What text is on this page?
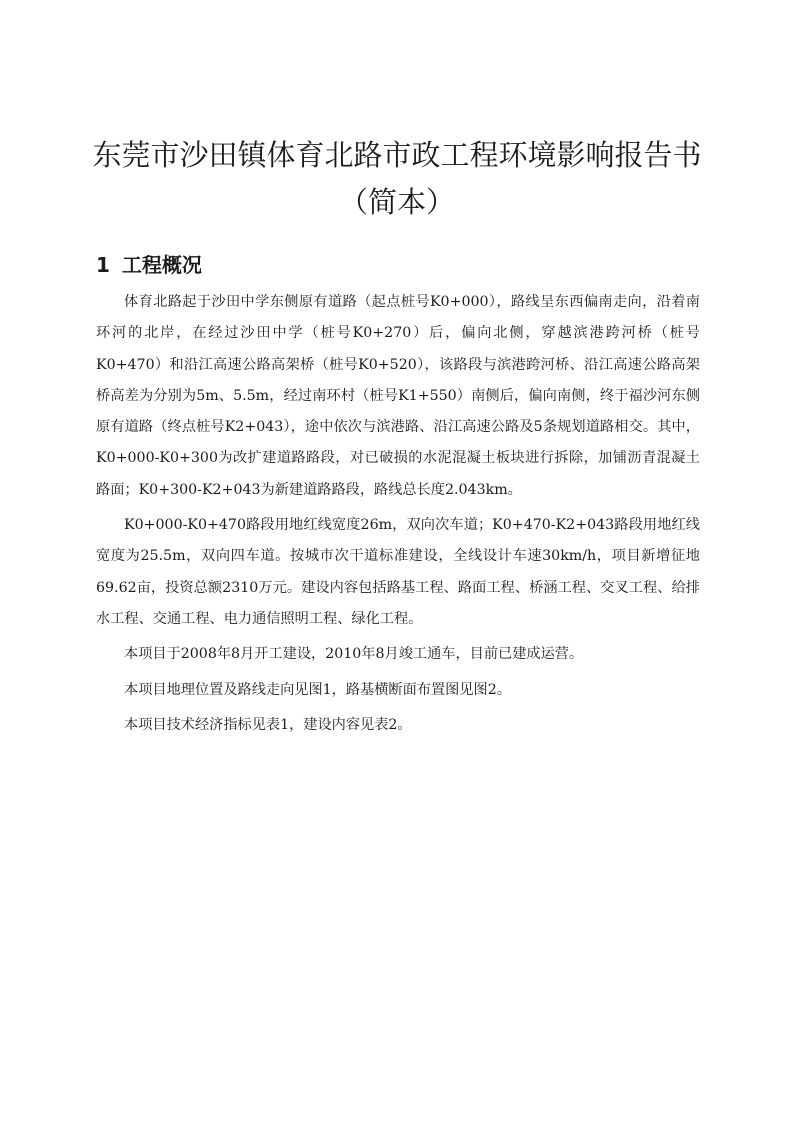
东莞市沙田镇体育北路市政工程环境影响报告书
（简本）
1 工程概况

体育北路起于沙田中学东侧原有道路（起点桩号K0+000），路线呈东西偏南走向，沿着南环河的北岸，在经过沙田中学（桩号K0+270）后，偏向北侧，穿越滨港跨河桥（桩号K0+470）和沿江高速公路高架桥（桩号K0+520），该路段与滨港跨河桥、沿江高速公路高架桥高差为分别为5m、5.5m，经过南环村（桩号K1+550）南侧后，偏向南侧，终于福沙河东侧原有道路（终点桩号K2+043），途中依次与滨港路、沿江高速公路及5条规划道路相交。其中，K0+000-K0+300为改扩建道路路段，对已破损的水泥混凝土板块进行拆除，加铺沥青混凝土路面；K0+300-K2+043为新建道路路段，路线总长度2.043km。

K0+000-K0+470路段用地红线宽度26m，双向次车道；K0+470-K2+043路段用地红线宽度为25.5m，双向四车道。按城市次干道标准建设，全线设计车速30km/h，项目新增征地69.62亩，投资总额2310万元。建设内容包括路基工程、路面工程、桥涵工程、交叉工程、给排水工程、交通工程、电力通信照明工程、绿化工程。

本项目于2008年8月开工建设，2010年8月竣工通车，目前已建成运营。

本项目地理位置及路线走向见图1，路基横断面布置图见图2。

本项目技术经济指标见表1，建设内容见表2。
